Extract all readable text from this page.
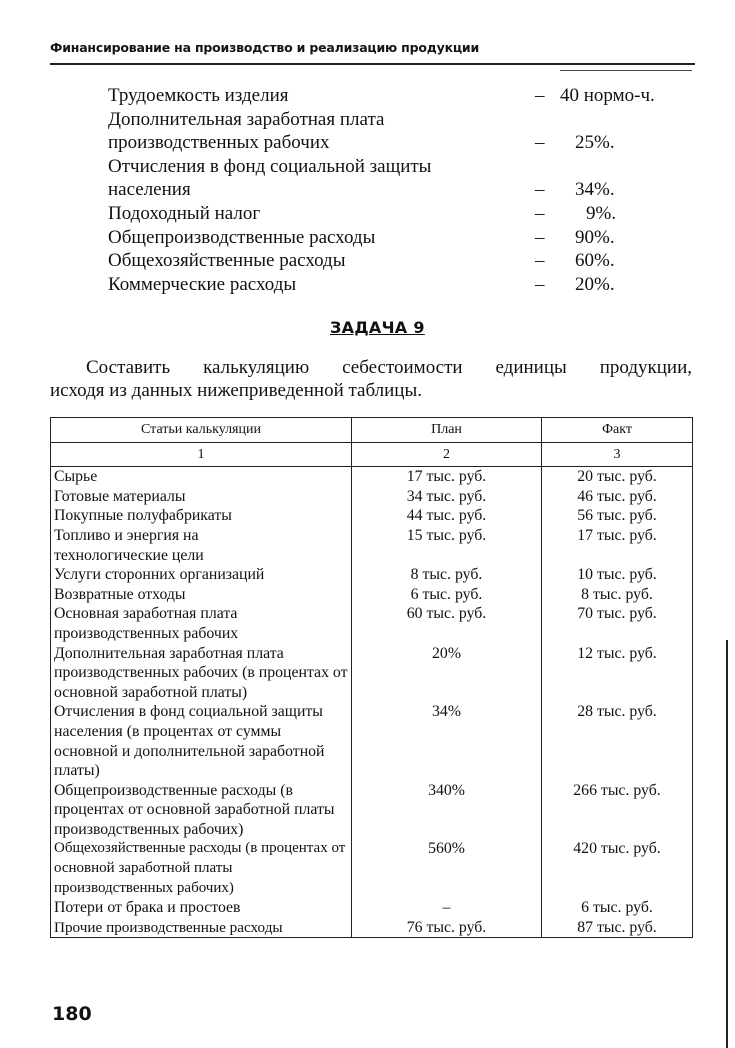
Финансирование на производство и реализацию продукции
Трудоемкость изделия	– 40 нормо-ч.
Дополнительная заработная плата производственных рабочих	– 25%.
Отчисления в фонд социальной защиты населения	– 34%.
Подоходный налог	– 9%.
Общепроизводственные расходы	– 90%.
Общехозяйственные расходы	– 60%.
Коммерческие расходы	– 20%.
ЗАДАЧА 9
Составить калькуляцию себестоимости единицы продукции,
исходя из данных нижеприведенной таблицы.
Статьи калькуляции	План	Факт
1	2	3
Сырье	17 тыс. руб.	20 тыс. руб.
Готовые материалы	34 тыс. руб.	46 тыс. руб.
Покупные полуфабрикаты	44 тыс. руб.	56 тыс. руб.
Топливо и энергия на технологические цели	15 тыс. руб.	17 тыс. руб.
Услуги сторонних организаций	8 тыс. руб.	10 тыс. руб.
Возвратные отходы	6 тыс. руб.	8 тыс. руб.
Основная заработная плата производственных рабочих	60 тыс. руб.	70 тыс. руб.
Дополнительная заработная плата производственных рабочих (в процентах от основной заработной платы)	20%	12 тыс. руб.
Отчисления в фонд социальной защиты населения (в процентах от суммы основной и дополнительной заработной платы)	34%	28 тыс. руб.
Общепроизводственные расходы (в процентах от основной заработной платы производственных рабочих)	340%	266 тыс. руб.
Общехозяйственные расходы (в процентах от основной заработной платы производственных рабочих)	560%	420 тыс. руб.
Потери от брака и простоев	–	6 тыс. руб.
Прочие производственные расходы	76 тыс. руб.	87 тыс. руб.
180
